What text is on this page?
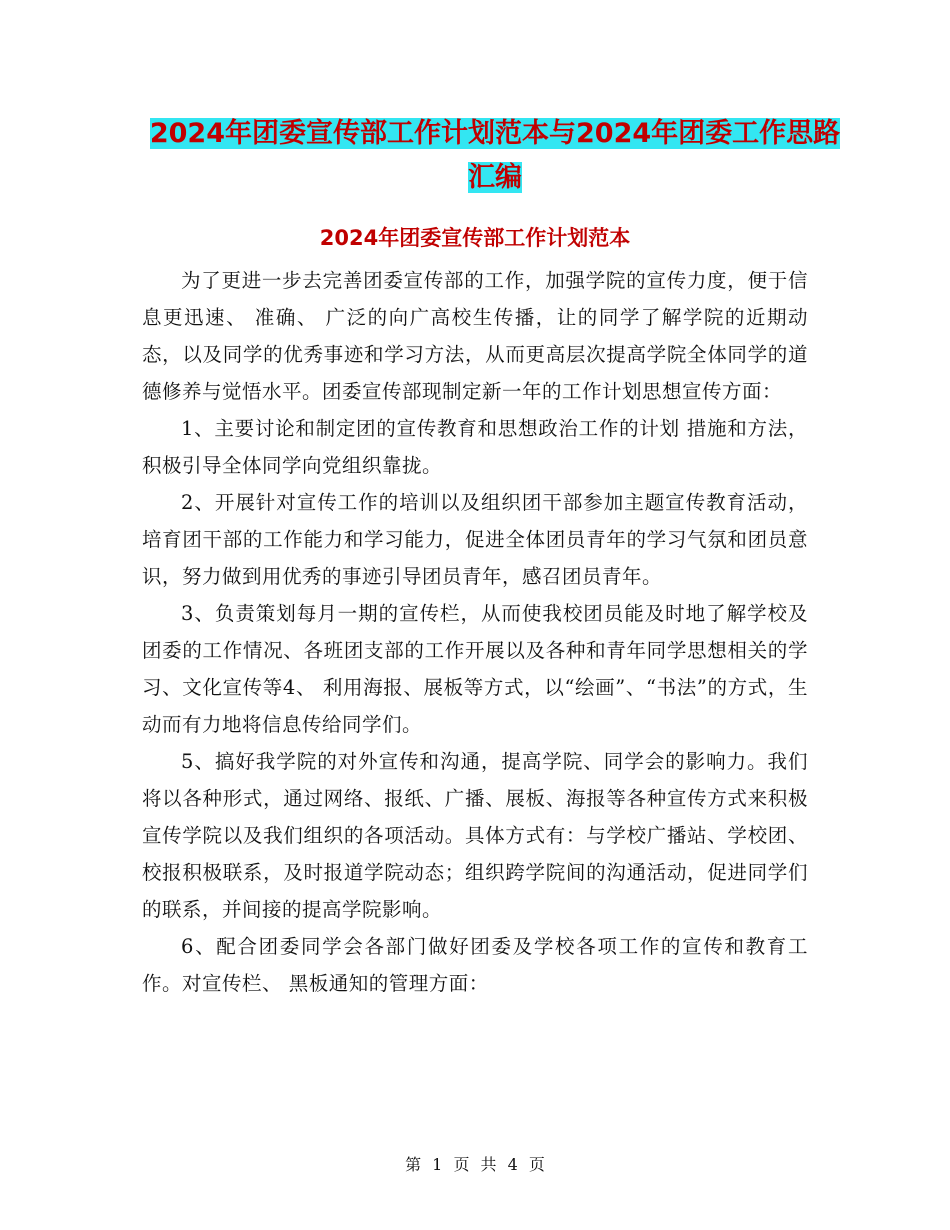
2024年团委宣传部工作计划范本与2024年团委工作思路汇编
2024年团委宣传部工作计划范本

为了更进一步去完善团委宣传部的工作，加强学院的宣传力度，便于信息更迅速、 准确、 广泛的向广高校生传播，让的同学了解学院的近期动态，以及同学的优秀事迹和学习方法，从而更高层次提高学院全体同学的道德修养与觉悟水平。团委宣传部现制定新一年的工作计划思想宣传方面：

1、主要讨论和制定团的宣传教育和思想政治工作的计划 措施和方法，积极引导全体同学向党组织靠拢。

2、开展针对宣传工作的培训以及组织团干部参加主题宣传教育活动，培育团干部的工作能力和学习能力，促进全体团员青年的学习气氛和团员意识，努力做到用优秀的事迹引导团员青年，感召团员青年。

3、负责策划每月一期的宣传栏，从而使我校团员能及时地了解学校及团委的工作情况、各班团支部的工作开展以及各种和青年同学思想相关的学习、文化宣传等4、 利用海报、展板等方式，以“绘画”、“书法”的方式，生动而有力地将信息传给同学们。

5、搞好我学院的对外宣传和沟通，提高学院、同学会的影响力。我们将以各种形式，通过网络、报纸、广播、展板、海报等各种宣传方式来积极宣传学院以及我们组织的各项活动。具体方式有：与学校广播站、学校团、校报积极联系，及时报道学院动态；组织跨学院间的沟通活动，促进同学们的联系，并间接的提高学院影响。

6、配合团委同学会各部门做好团委及学校各项工作的宣传和教育工作。对宣传栏、 黑板通知的管理方面：

第 1 页 共 4 页
